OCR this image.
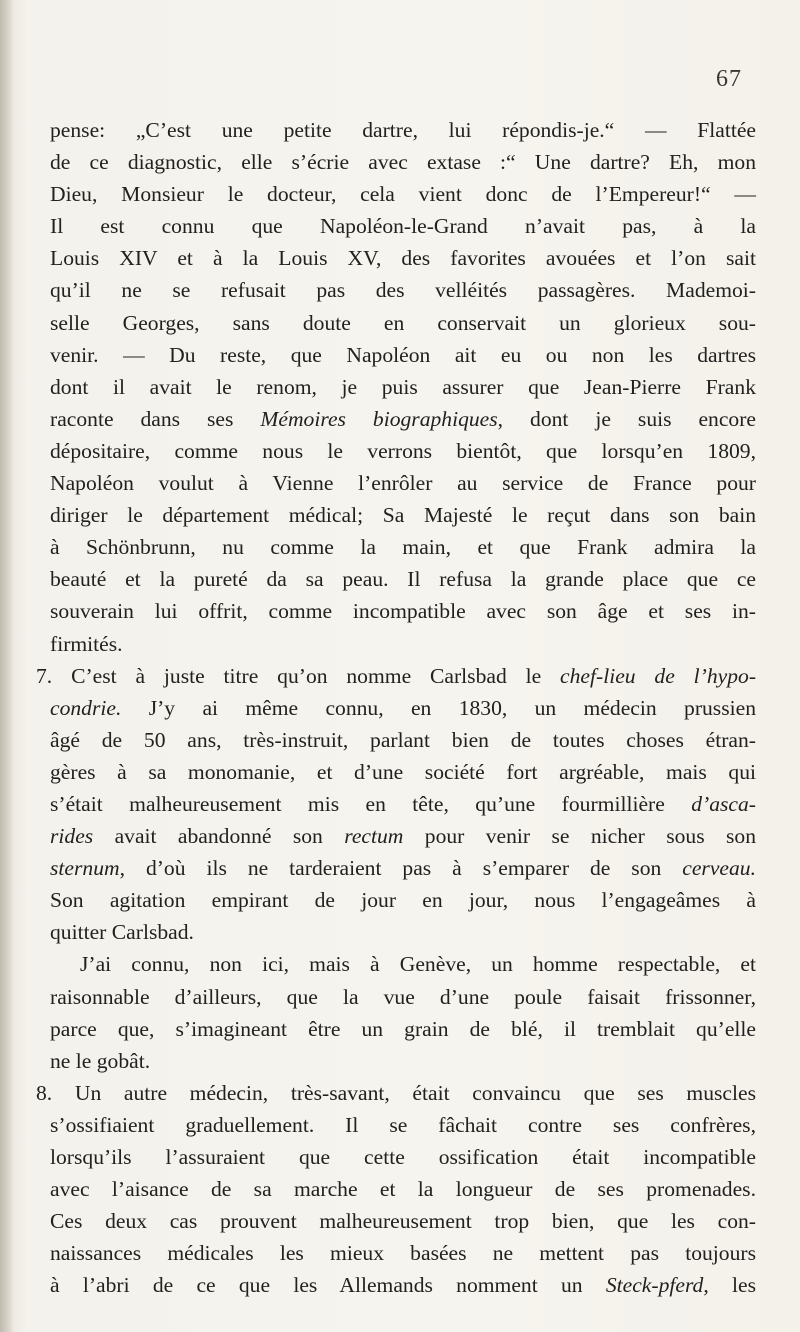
67
pense: „C’est une petite dartre, lui répondis-je.“ — Flattée
de ce diagnostic, elle s’écrie avec extase :“ Une dartre? Eh, mon
Dieu, Monsieur le docteur, cela vient donc de l’Empereur!“ —
Il est connu que Napoléon-le-Grand n’avait pas, à la
Louis XIV et à la Louis XV, des favorites avouées et l’on sait
qu’il ne se refusait pas des velléités passagères. Mademoi-
selle Georges, sans doute en conservait un glorieux sou-
venir. — Du reste, que Napoléon ait eu ou non les dartres
dont il avait le renom, je puis assurer que Jean-Pierre Frank
raconte dans ses Mémoires biographiques, dont je suis encore
dépositaire, comme nous le verrons bientôt, que lorsqu’en 1809,
Napoléon voulut à Vienne l’enrôler au service de France pour
diriger le département médical; Sa Majesté le reçut dans son bain
à Schönbrunn, nu comme la main, et que Frank admira la
beauté et la pureté da sa peau. Il refusa la grande place que ce
souverain lui offrit, comme incompatible avec son âge et ses in-
firmités.
7. C’est à juste titre qu’on nomme Carlsbad le chef-lieu de l’hypo-
condrie. J’y ai même connu, en 1830, un médecin prussien
âgé de 50 ans, très-instruit, parlant bien de toutes choses étran-
gères à sa monomanie, et d’une société fort argréable, mais qui
s’était malheureusement mis en tête, qu’une fourmillière d’asca-
rides avait abandonné son rectum pour venir se nicher sous son
sternum, d’où ils ne tarderaient pas à s’emparer de son cerveau.
Son agitation empirant de jour en jour, nous l’engageâmes à
quitter Carlsbad.
J’ai connu, non ici, mais à Genève, un homme respectable, et
raisonnable d’ailleurs, que la vue d’une poule faisait frissonner,
parce que, s’imagineant être un grain de blé, il tremblait qu’elle
ne le gobât.
8. Un autre médecin, très-savant, était convaincu que ses muscles
s’ossifiaient graduellement. Il se fâchait contre ses confrères,
lorsqu’ils l’assuraient que cette ossification était incompatible
avec l’aisance de sa marche et la longueur de ses promenades.
Ces deux cas prouvent malheureusement trop bien, que les con-
naissances médicales les mieux basées ne mettent pas toujours
à l’abri de ce que les Allemands nomment un Steck-pferd, les
